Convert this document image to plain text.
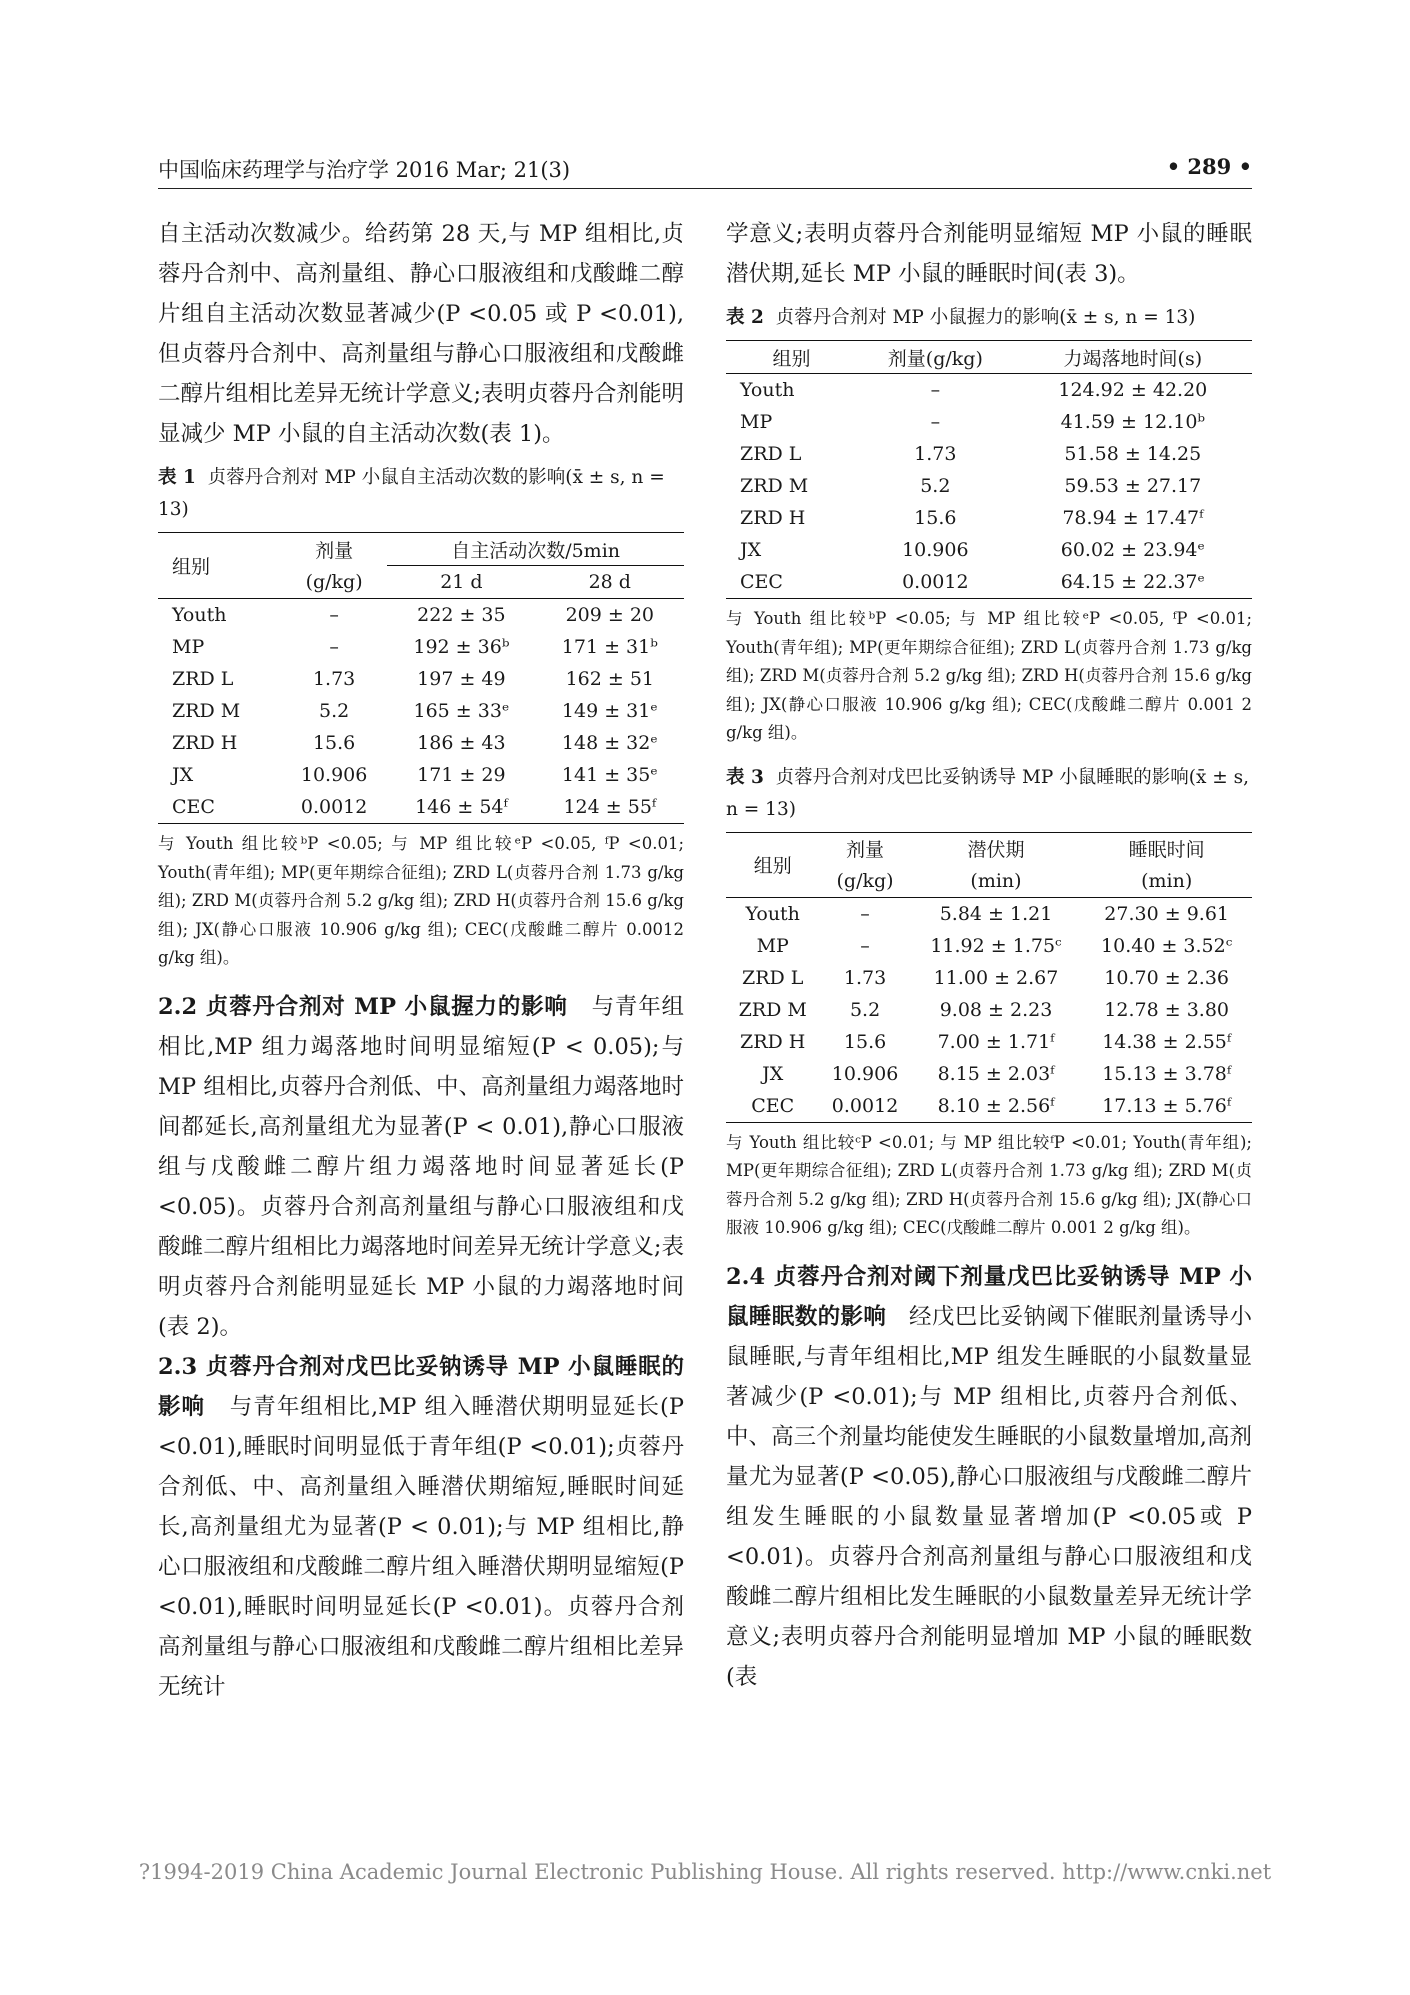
中国临床药理学与治疗学 2016 Mar; 21(3)	• 289 •

自主活动次数减少。给药第 28 天,与 MP 组相比,贞蓉丹合剂中、高剂量组、静心口服液组和戊酸雌二醇片组自主活动次数显著减少(P <0.05 或 P <0.01),但贞蓉丹合剂中、高剂量组与静心口服液组和戊酸雌二醇片组相比差异无统计学意义;表明贞蓉丹合剂能明显减少 MP 小鼠的自主活动次数(表 1)。

表 1 贞蓉丹合剂对 MP 小鼠自主活动次数的影响(x̄ ± s, n = 13)
组别	剂量	自主活动次数/5min	
	(g/kg)	21 d	28 d
Youth	–	222 ± 35	209 ± 20
MP	–	192 ± 36ᵇ	171 ± 31ᵇ
ZRD L	1.73	197 ± 49	162 ± 51
ZRD M	5.2	165 ± 33ᵉ	149 ± 31ᵉ
ZRD H	15.6	186 ± 43	148 ± 32ᵉ
JX	10.906	171 ± 29	141 ± 35ᵉ
CEC	0.0012	146 ± 54ᶠ	124 ± 55ᶠ
与 Youth 组比较ᵇP <0.05; 与 MP 组比较ᵉP <0.05, ᶠP <0.01; Youth(青年组); MP(更年期综合征组); ZRD L(贞蓉丹合剂 1.73 g/kg 组); ZRD M(贞蓉丹合剂 5.2 g/kg 组); ZRD H(贞蓉丹合剂 15.6 g/kg 组); JX(静心口服液 10.906 g/kg 组); CEC(戊酸雌二醇片 0.0012 g/kg 组)。

2.2 贞蓉丹合剂对 MP 小鼠握力的影响 与青年组相比,MP 组力竭落地时间明显缩短(P < 0.05);与 MP 组相比,贞蓉丹合剂低、中、高剂量组力竭落地时间都延长,高剂量组尤为显著(P < 0.01),静心口服液组与戊酸雌二醇片组力竭落地时间显著延长(P <0.05)。贞蓉丹合剂高剂量组与静心口服液组和戊酸雌二醇片组相比力竭落地时间差异无统计学意义;表明贞蓉丹合剂能明显延长 MP 小鼠的力竭落地时间(表 2)。

2.3 贞蓉丹合剂对戊巴比妥钠诱导 MP 小鼠睡眠的影响 与青年组相比,MP 组入睡潜伏期明显延长(P <0.01),睡眠时间明显低于青年组(P <0.01);贞蓉丹合剂低、中、高剂量组入睡潜伏期缩短,睡眠时间延长,高剂量组尤为显著(P < 0.01);与 MP 组相比,静心口服液组和戊酸雌二醇片组入睡潜伏期明显缩短(P <0.01),睡眠时间明显延长(P <0.01)。贞蓉丹合剂高剂量组与静心口服液组和戊酸雌二醇片组相比差异无统计

学意义;表明贞蓉丹合剂能明显缩短 MP 小鼠的睡眠潜伏期,延长 MP 小鼠的睡眠时间(表 3)。

表 2 贞蓉丹合剂对 MP 小鼠握力的影响(x̄ ± s, n = 13)
组别	剂量(g/kg)	力竭落地时间(s)
Youth	–	124.92 ± 42.20
MP	–	41.59 ± 12.10ᵇ
ZRD L	1.73	51.58 ± 14.25
ZRD M	5.2	59.53 ± 27.17
ZRD H	15.6	78.94 ± 17.47ᶠ
JX	10.906	60.02 ± 23.94ᵉ
CEC	0.0012	64.15 ± 22.37ᵉ
与 Youth 组比较ᵇP <0.05; 与 MP 组比较ᵉP <0.05, ᶠP <0.01; Youth(青年组); MP(更年期综合征组); ZRD L(贞蓉丹合剂 1.73 g/kg 组); ZRD M(贞蓉丹合剂 5.2 g/kg 组); ZRD H(贞蓉丹合剂 15.6 g/kg 组); JX(静心口服液 10.906 g/kg 组); CEC(戊酸雌二醇片 0.001 2 g/kg 组)。
表 3 贞蓉丹合剂对戊巴比妥钠诱导 MP 小鼠睡眠的影响(x̄ ± s, n = 13)
组别	剂量	潜伏期	睡眠时间
	(g/kg)	(min)	(min)
Youth	–	5.84 ± 1.21	27.30 ± 9.61
MP	–	11.92 ± 1.75ᶜ	10.40 ± 3.52ᶜ
ZRD L	1.73	11.00 ± 2.67	10.70 ± 2.36
ZRD M	5.2	9.08 ± 2.23	12.78 ± 3.80
ZRD H	15.6	7.00 ± 1.71ᶠ	14.38 ± 2.55ᶠ
JX	10.906	8.15 ± 2.03ᶠ	15.13 ± 3.78ᶠ
CEC	0.0012	8.10 ± 2.56ᶠ	17.13 ± 5.76ᶠ
与 Youth 组比较ᶜP <0.01; 与 MP 组比较ᶠP <0.01; Youth(青年组); MP(更年期综合征组); ZRD L(贞蓉丹合剂 1.73 g/kg 组); ZRD M(贞蓉丹合剂 5.2 g/kg 组); ZRD H(贞蓉丹合剂 15.6 g/kg 组); JX(静心口服液 10.906 g/kg 组); CEC(戊酸雌二醇片 0.001 2 g/kg 组)。

2.4 贞蓉丹合剂对阈下剂量戊巴比妥钠诱导 MP 小鼠睡眠数的影响 经戊巴比妥钠阈下催眠剂量诱导小鼠睡眠,与青年组相比,MP 组发生睡眠的小鼠数量显著减少(P <0.01);与 MP 组相比,贞蓉丹合剂低、中、高三个剂量均能使发生睡眠的小鼠数量增加,高剂量尤为显著(P <0.05),静心口服液组与戊酸雌二醇片组发生睡眠的小鼠数量显著增加(P <0.05或 P <0.01)。贞蓉丹合剂高剂量组与静心口服液组和戊酸雌二醇片组相比发生睡眠的小鼠数量差异无统计学意义;表明贞蓉丹合剂能明显增加 MP 小鼠的睡眠数(表

?1994-2019 China Academic Journal Electronic Publishing House. All rights reserved. http://www.cnki.net
